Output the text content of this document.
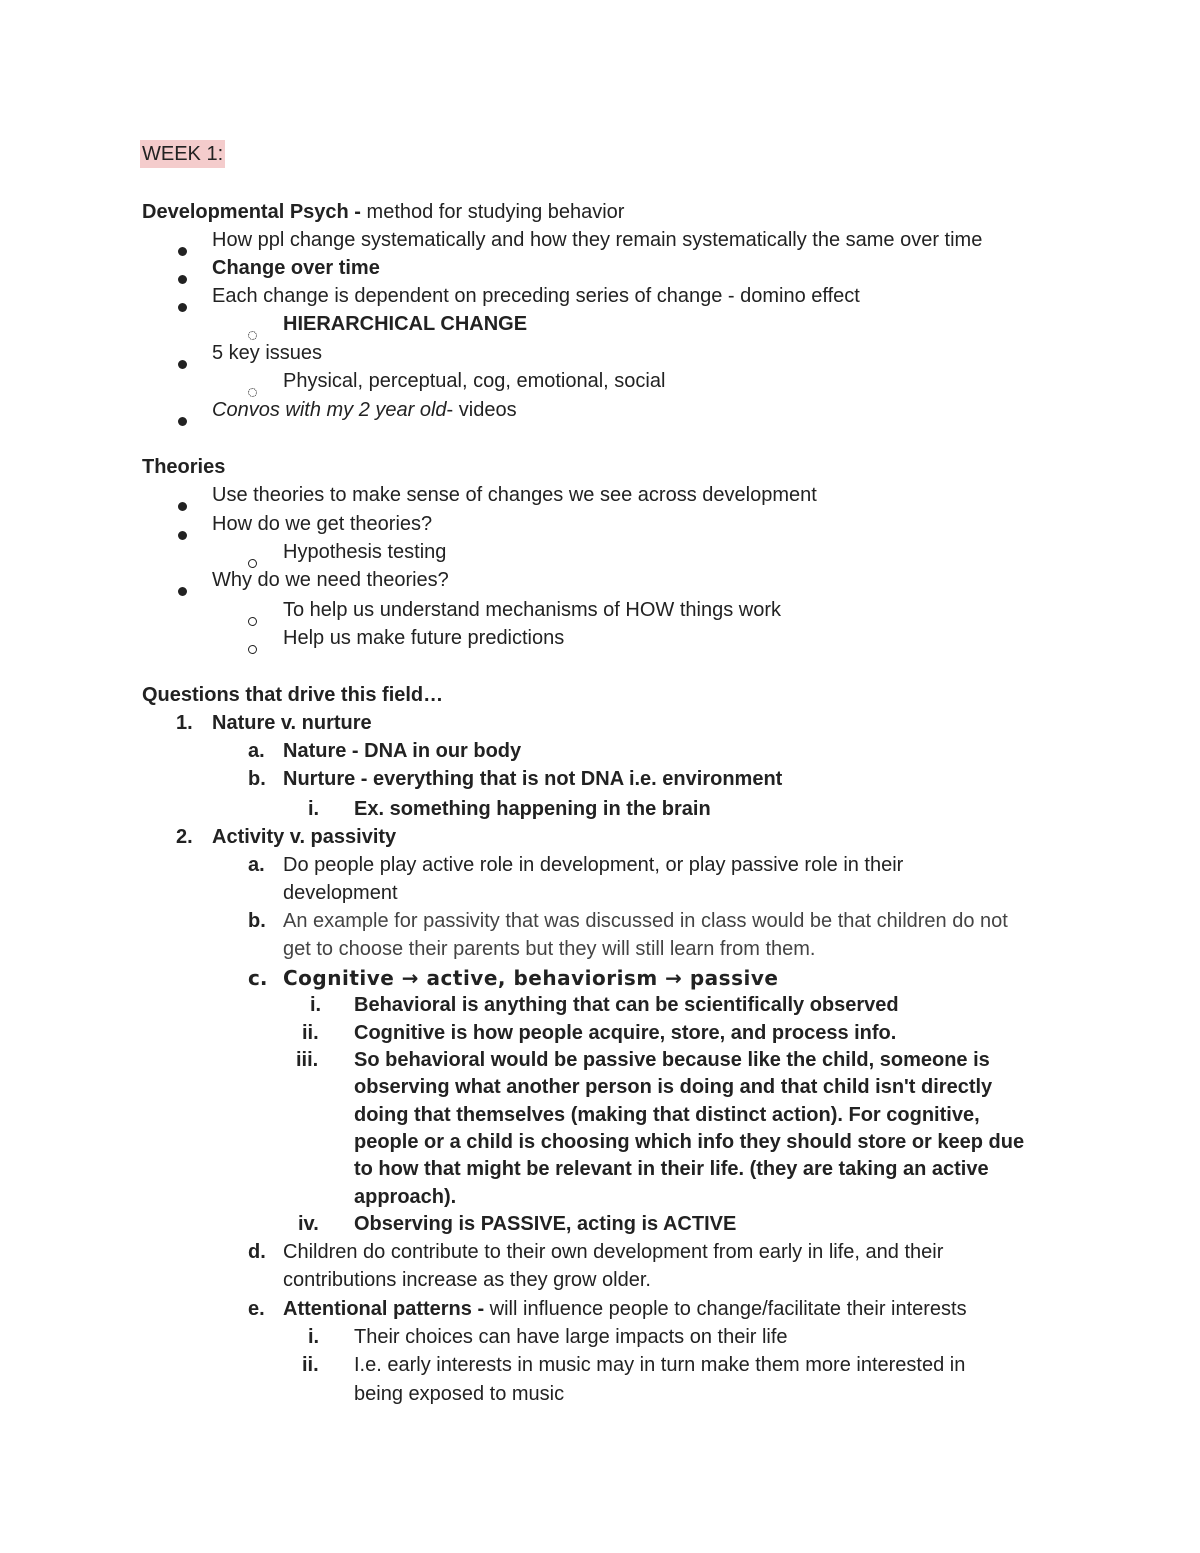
WEEK 1:
Developmental Psych - method for studying behavior
How ppl change systematically and how they remain systematically the same over time
Change over time
Each change is dependent on preceding series of change - domino effect
HIERARCHICAL CHANGE
5 key issues
Physical, perceptual, cog, emotional, social
Convos with my 2 year old- videos
Theories
Use theories to make sense of changes we see across development
How do we get theories?
Hypothesis testing
Why do we need theories?
To help us understand mechanisms of HOW things work
Help us make future predictions
Questions that drive this field…
1. Nature v. nurture
a. Nature - DNA in our body
b. Nurture - everything that is not DNA i.e. environment
i. Ex. something happening in the brain
2. Activity v. passivity
a. Do people play active role in development, or play passive role in their
development
b. An example for passivity that was discussed in class would be that children do not
get to choose their parents but they will still learn from them.
c. Cognitive → active, behaviorism → passive
i. Behavioral is anything that can be scientifically observed
ii. Cognitive is how people acquire, store, and process info.
iii. So behavioral would be passive because like the child, someone is
observing what another person is doing and that child isn't directly
doing that themselves (making that distinct action). For cognitive,
people or a child is choosing which info they should store or keep due
to how that might be relevant in their life. (they are taking an active
approach).
iv. Observing is PASSIVE, acting is ACTIVE
d. Children do contribute to their own development from early in life, and their
contributions increase as they grow older.
e. Attentional patterns - will influence people to change/facilitate their interests
i. Their choices can have large impacts on their life
ii. I.e. early interests in music may in turn make them more interested in
being exposed to music
